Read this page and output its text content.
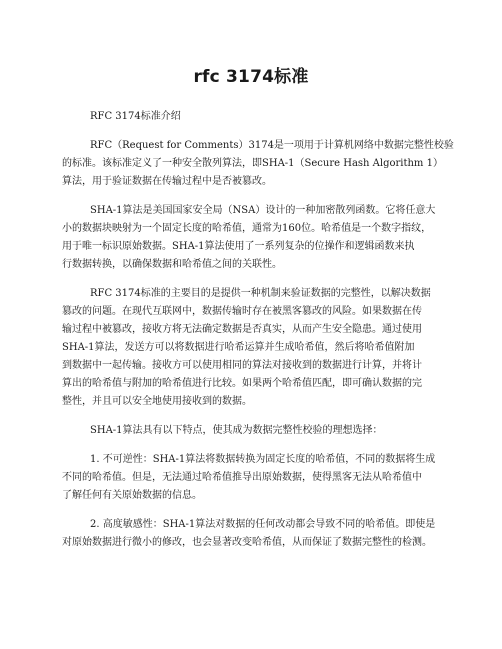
rfc 3174标准
RFC 3174标准介绍
RFC（Request for Comments）3174是一项用于计算机网络中数据完整性校验
的标准。该标准定义了一种安全散列算法，即SHA-1（Secure Hash Algorithm 1）
算法，用于验证数据在传输过程中是否被篡改。
SHA-1算法是美国国家安全局（NSA）设计的一种加密散列函数。它将任意大
小的数据块映射为一个固定长度的哈希值，通常为160位。哈希值是一个数字指纹，
用于唯一标识原始数据。SHA-1算法使用了一系列复杂的位操作和逻辑函数来执
行数据转换，以确保数据和哈希值之间的关联性。
RFC 3174标准的主要目的是提供一种机制来验证数据的完整性，以解决数据
篡改的问题。在现代互联网中，数据传输时存在被黑客篡改的风险。如果数据在传
输过程中被篡改，接收方将无法确定数据是否真实，从而产生安全隐患。通过使用
SHA-1算法，发送方可以将数据进行哈希运算并生成哈希值，然后将哈希值附加
到数据中一起传输。接收方可以使用相同的算法对接收到的数据进行计算，并将计
算出的哈希值与附加的哈希值进行比较。如果两个哈希值匹配，即可确认数据的完
整性，并且可以安全地使用接收到的数据。
SHA-1算法具有以下特点，使其成为数据完整性校验的理想选择：
1. 不可逆性：SHA-1算法将数据转换为固定长度的哈希值，不同的数据将生成
不同的哈希值。但是，无法通过哈希值推导出原始数据，使得黑客无法从哈希值中
了解任何有关原始数据的信息。
2. 高度敏感性：SHA-1算法对数据的任何改动都会导致不同的哈希值。即使是
对原始数据进行微小的修改，也会显著改变哈希值，从而保证了数据完整性的检测。
